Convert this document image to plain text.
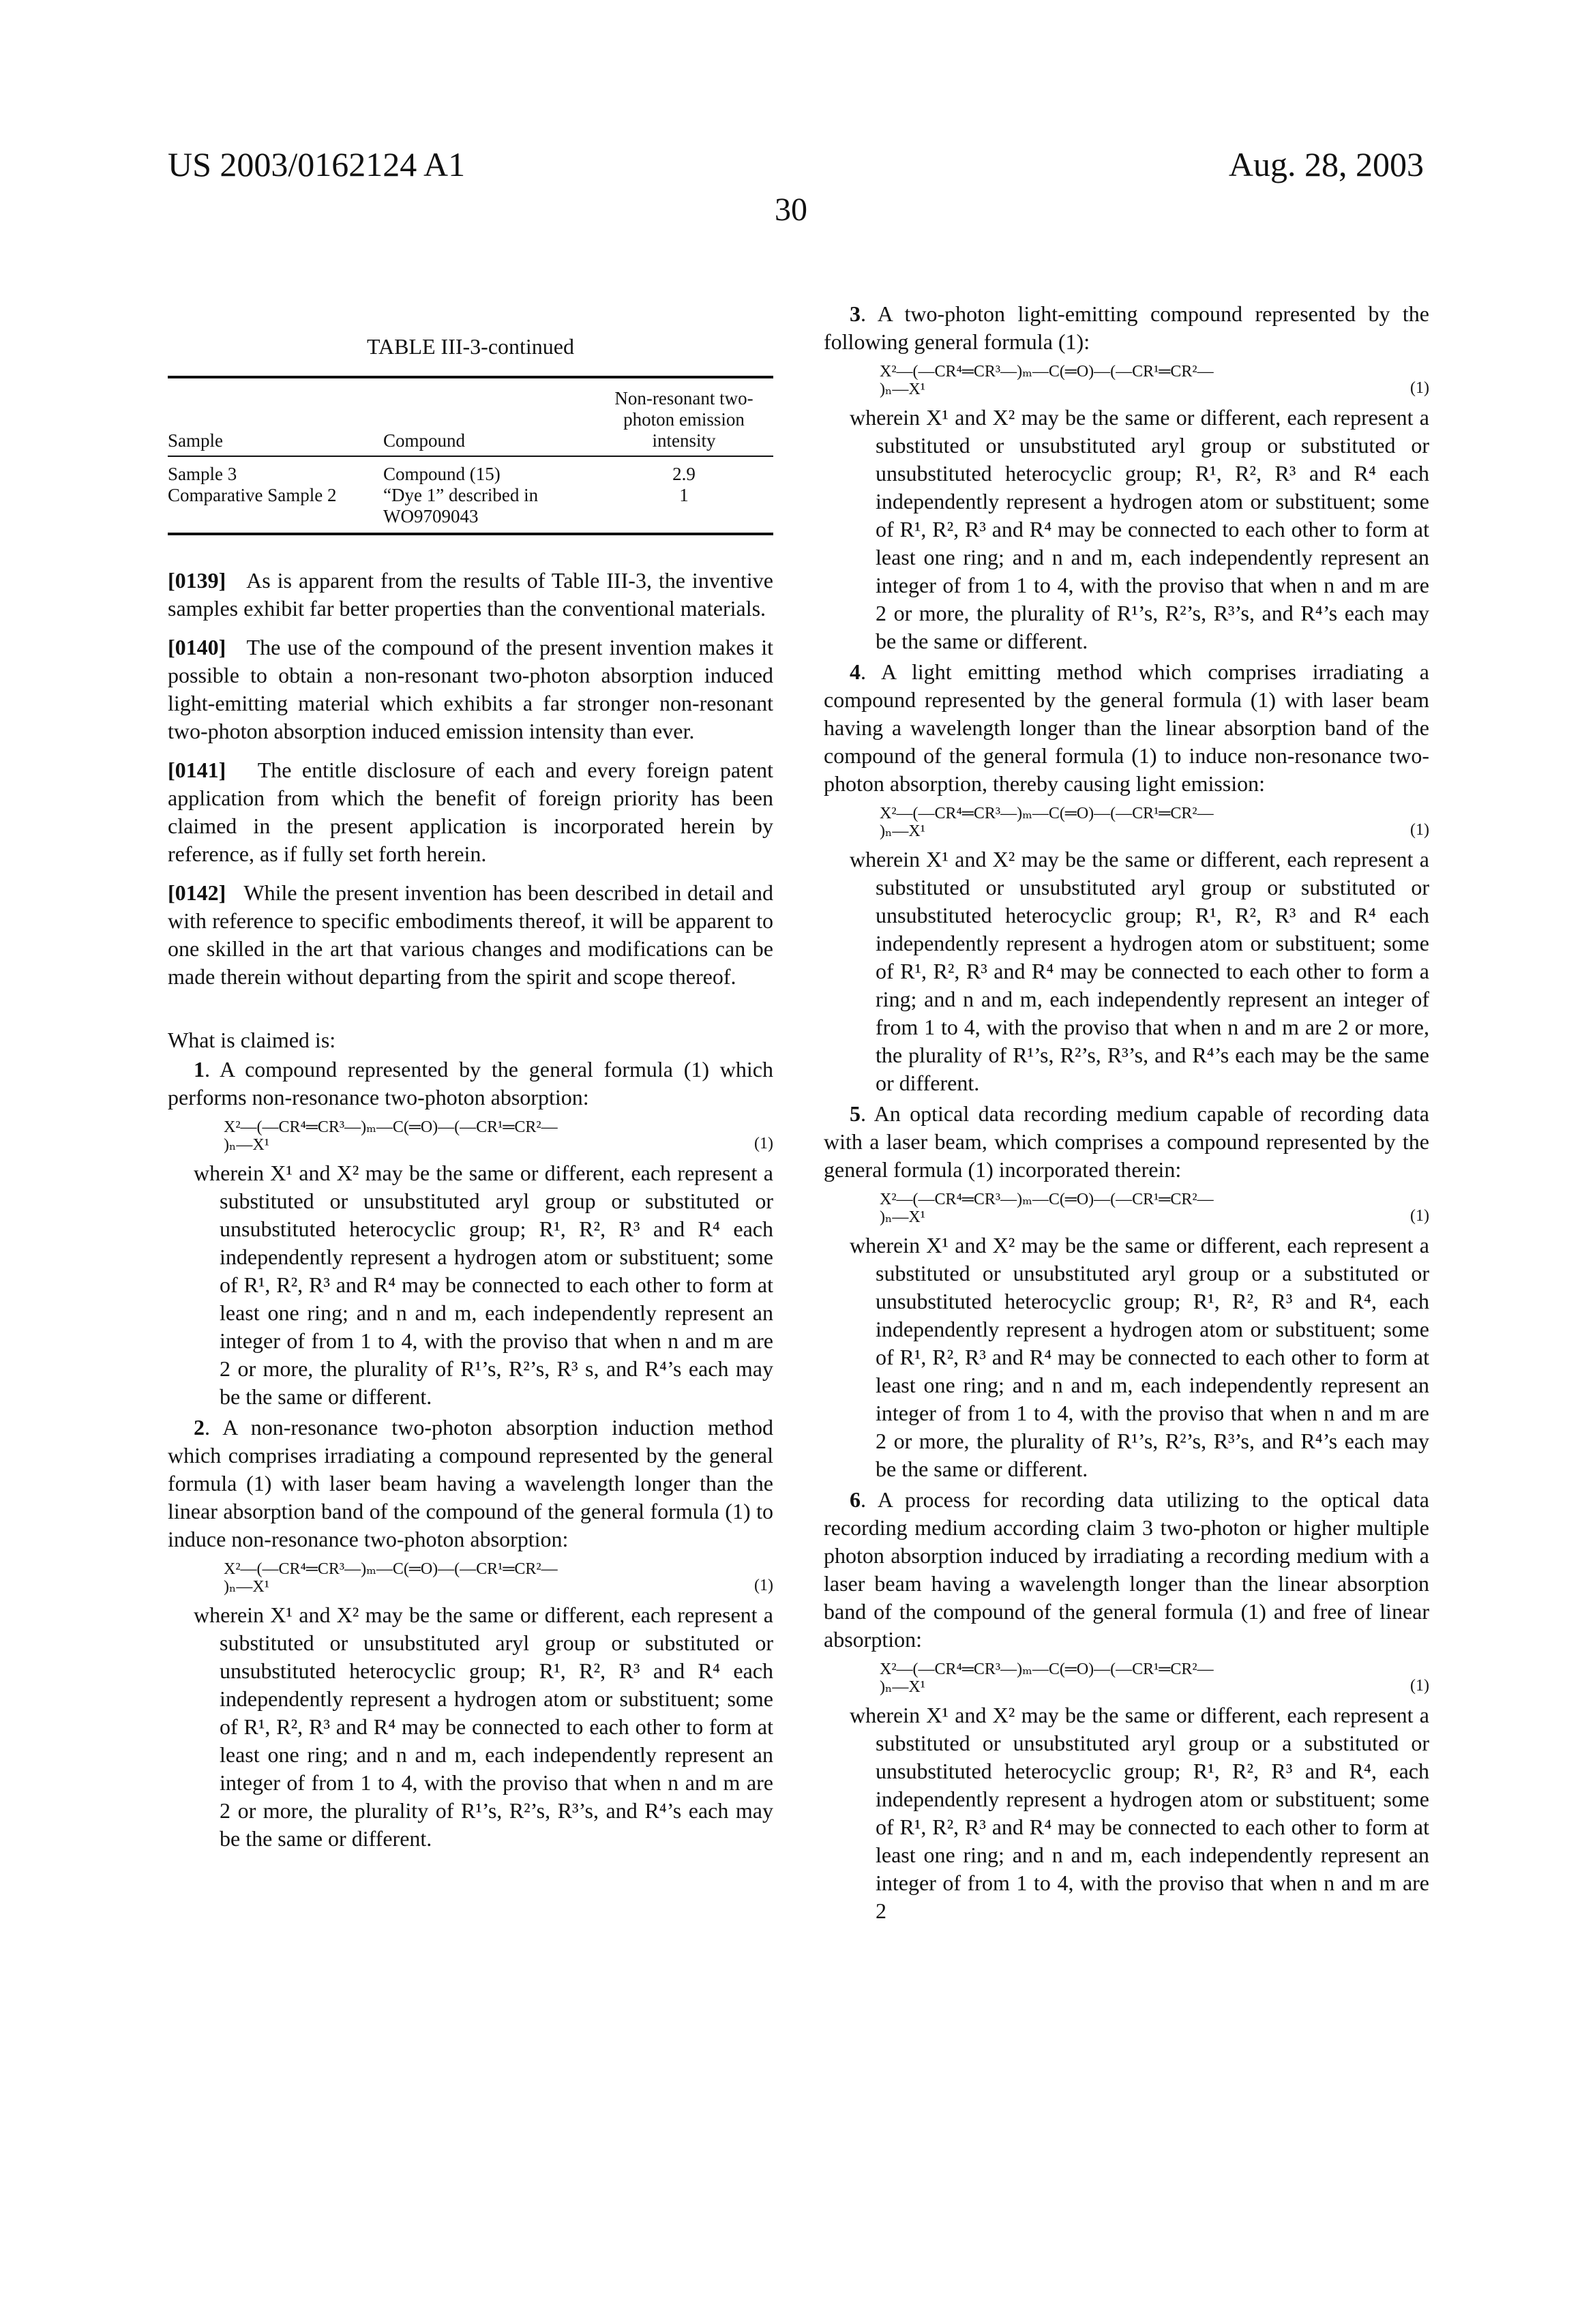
US 2003/0162124 A1
30
Aug. 28, 2003
TABLE III-3-continued
Sample	Compound
Non-resonant two-photon emission intensity
Sample 3	Compound (15)	2.9
Comparative Sample 2	“Dye 1” described in WO9709043
1

[0139] As is apparent from the results of Table III-3, the inventive samples exhibit far better properties than the conventional materials.

[0140] The use of the compound of the present invention makes it possible to obtain a non-resonant two-photon absorption induced light-emitting material which exhibits a far stronger non-resonant two-photon absorption induced emission intensity than ever.

[0141] The entitle disclosure of each and every foreign patent application from which the benefit of foreign priority has been claimed in the present application is incorporated herein by reference, as if fully set forth herein.

[0142] While the present invention has been described in detail and with reference to specific embodiments thereof, it will be apparent to one skilled in the art that various changes and modifications can be made therein without departing from the spirit and scope thereof.

What is claimed is:

1. A compound represented by the general formula (1) which performs non-resonance two-photon absorption:

X²—(—CR⁴═CR³—)ₘ—C(═O)—(—CR¹═CR²—
)ₙ—X¹	(1)

wherein X¹ and X² may be the same or different, each represent a substituted or unsubstituted aryl group or substituted or unsubstituted heterocyclic group; R¹, R², R³ and R⁴ each independently represent a hydrogen atom or substituent; some of R¹, R², R³ and R⁴ may be connected to each other to form at least one ring; and n and m, each independently represent an integer of from 1 to 4, with the proviso that when n and m are 2 or more, the plurality of R¹’s, R²’s, R³ s, and R⁴’s each may be the same or different.

2. A non-resonance two-photon absorption induction method which comprises irradiating a compound represented by the general formula (1) with laser beam having a wavelength longer than the linear absorption band of the compound of the general formula (1) to induce non-resonance two-photon absorption:

X²—(—CR⁴═CR³—)ₘ—C(═O)—(—CR¹═CR²—
)ₙ—X¹	(1)

wherein X¹ and X² may be the same or different, each represent a substituted or unsubstituted aryl group or substituted or unsubstituted heterocyclic group; R¹, R², R³ and R⁴ each independently represent a hydrogen atom or substituent; some of R¹, R², R³ and R⁴ may be connected to each other to form at least one ring; and n and m, each independently represent an integer of from 1 to 4, with the proviso that when n and m are 2 or more, the plurality of R¹’s, R²’s, R³’s, and R⁴’s each may be the same or different.

3. A two-photon light-emitting compound represented by the following general formula (1):

X²—(—CR⁴═CR³—)ₘ—C(═O)—(—CR¹═CR²—
)ₙ—X¹	(1)

wherein X¹ and X² may be the same or different, each represent a substituted or unsubstituted aryl group or substituted or unsubstituted heterocyclic group; R¹, R², R³ and R⁴ each independently represent a hydrogen atom or substituent; some of R¹, R², R³ and R⁴ may be connected to each other to form at least one ring; and n and m, each independently represent an integer of from 1 to 4, with the proviso that when n and m are 2 or more, the plurality of R¹’s, R²’s, R³’s, and R⁴’s each may be the same or different.

4. A light emitting method which comprises irradiating a compound represented by the general formula (1) with laser beam having a wavelength longer than the linear absorption band of the compound of the general formula (1) to induce non-resonance two-photon absorption, thereby causing light emission:

X²—(—CR⁴═CR³—)ₘ—C(═O)—(—CR¹═CR²—
)ₙ—X¹	(1)

wherein X¹ and X² may be the same or different, each represent a substituted or unsubstituted aryl group or substituted or unsubstituted heterocyclic group; R¹, R², R³ and R⁴ each independently represent a hydrogen atom or substituent; some of R¹, R², R³ and R⁴ may be connected to each other to form a ring; and n and m, each independently represent an integer of from 1 to 4, with the proviso that when n and m are 2 or more, the plurality of R¹’s, R²’s, R³’s, and R⁴’s each may be the same or different.

5. An optical data recording medium capable of recording data with a laser beam, which comprises a compound represented by the general formula (1) incorporated therein:

X²—(—CR⁴═CR³—)ₘ—C(═O)—(—CR¹═CR²—
)ₙ—X¹	(1)

wherein X¹ and X² may be the same or different, each represent a substituted or unsubstituted aryl group or a substituted or unsubstituted heterocyclic group; R¹, R², R³ and R⁴, each independently represent a hydrogen atom or substituent; some of R¹, R², R³ and R⁴ may be connected to each other to form at least one ring; and n and m, each independently represent an integer of from 1 to 4, with the proviso that when n and m are 2 or more, the plurality of R¹’s, R²’s, R³’s, and R⁴’s each may be the same or different.

6. A process for recording data utilizing to the optical data recording medium according claim 3 two-photon or higher multiple photon absorption induced by irradiating a recording medium with a laser beam having a wavelength longer than the linear absorption band of the compound of the general formula (1) and free of linear absorption:

X²—(—CR⁴═CR³—)ₘ—C(═O)—(—CR¹═CR²—
)ₙ—X¹	(1)

wherein X¹ and X² may be the same or different, each represent a substituted or unsubstituted aryl group or a substituted or unsubstituted heterocyclic group; R¹, R², R³ and R⁴, each independently represent a hydrogen atom or substituent; some of R¹, R², R³ and R⁴ may be connected to each other to form at least one ring; and n and m, each independently represent an integer of from 1 to 4, with the proviso that when n and m are 2
